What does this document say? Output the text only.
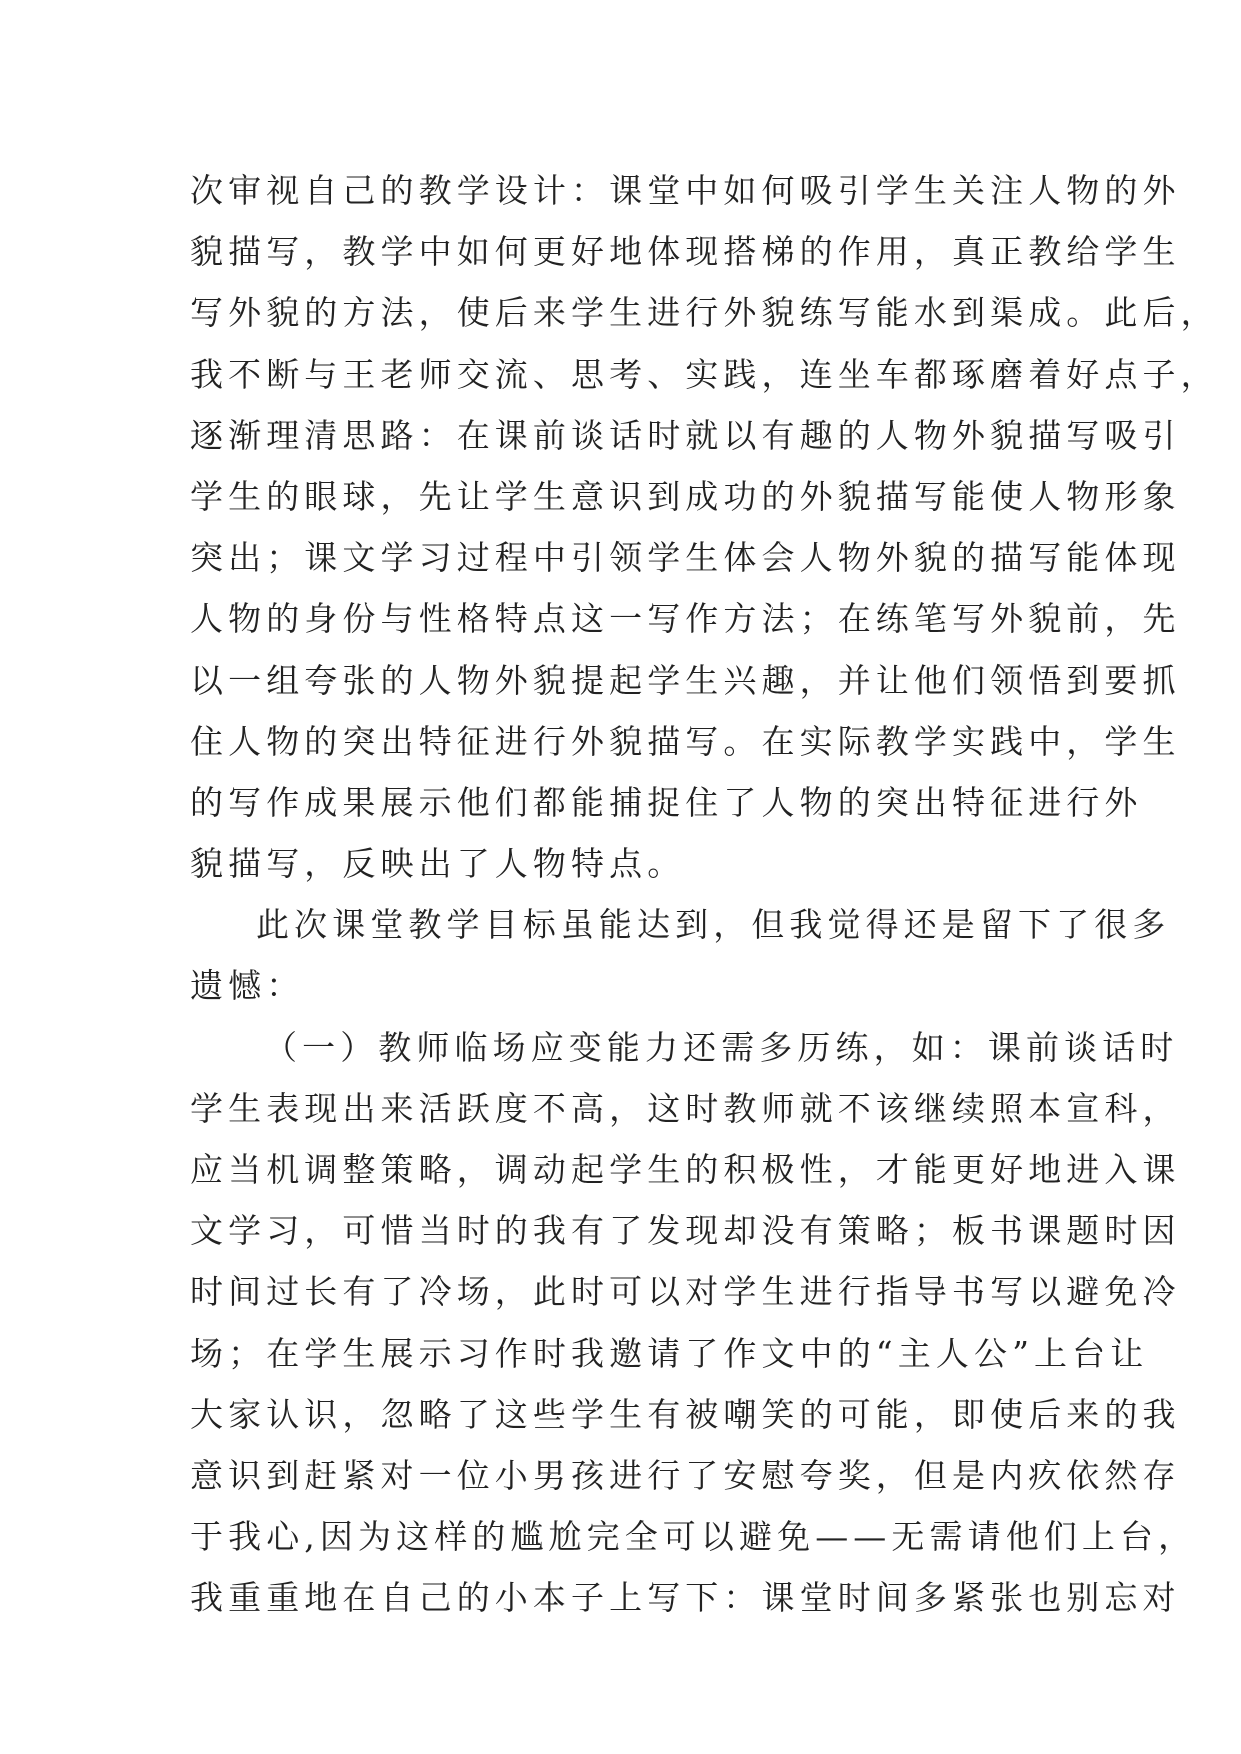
次审视自己的教学设计：课堂中如何吸引学生关注人物的外
貌描写，教学中如何更好地体现搭梯的作用，真正教给学生
写外貌的方法，使后来学生进行外貌练写能水到渠成。此后，
我不断与王老师交流、思考、实践，连坐车都琢磨着好点子，
逐渐理清思路：在课前谈话时就以有趣的人物外貌描写吸引
学生的眼球，先让学生意识到成功的外貌描写能使人物形象
突出；课文学习过程中引领学生体会人物外貌的描写能体现
人物的身份与性格特点这一写作方法；在练笔写外貌前，先
以一组夸张的人物外貌提起学生兴趣，并让他们领悟到要抓
住人物的突出特征进行外貌描写。在实际教学实践中，学生
的写作成果展示他们都能捕捉住了人物的突出特征进行外
貌描写，反映出了人物特点。
此次课堂教学目标虽能达到，但我觉得还是留下了很多
遗憾：
（一）教师临场应变能力还需多历练，如：课前谈话时
学生表现出来活跃度不高，这时教师就不该继续照本宣科，
应当机调整策略，调动起学生的积极性，才能更好地进入课
文学习，可惜当时的我有了发现却没有策略；板书课题时因
时间过长有了冷场，此时可以对学生进行指导书写以避免冷
场；在学生展示习作时我邀请了作文中的“主人公”上台让
大家认识，忽略了这些学生有被嘲笑的可能，即使后来的我
意识到赶紧对一位小男孩进行了安慰夸奖，但是内疚依然存
于我心,因为这样的尴尬完全可以避免——无需请他们上台，
我重重地在自己的小本子上写下：课堂时间多紧张也别忘对
